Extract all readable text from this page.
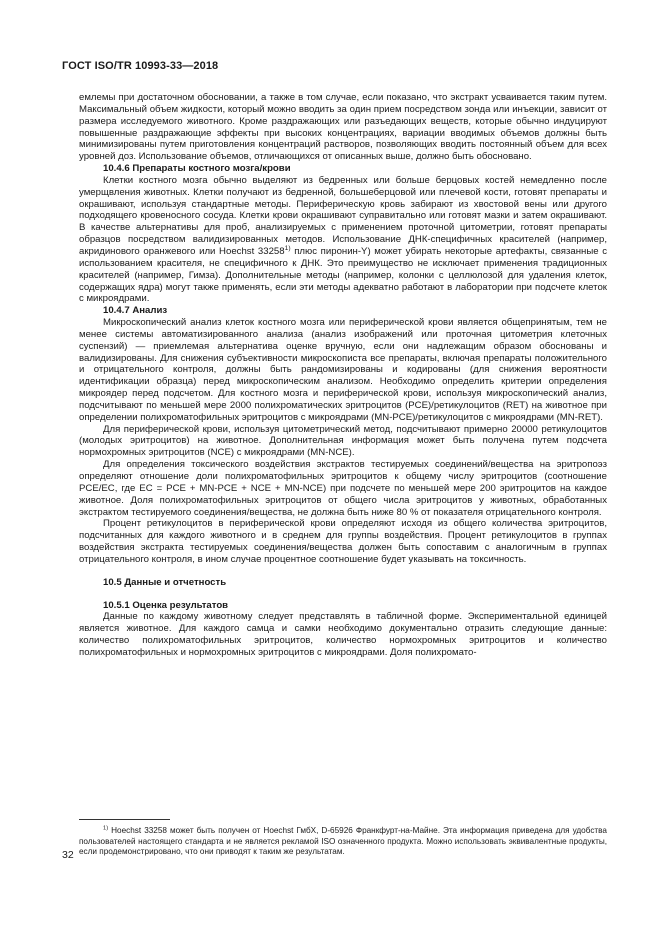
ГОСТ ISO/TR 10993-33—2018

емлемы при достаточном обосновании, а также в том случае, если показано, что экстракт усваивается таким путем. Максимальный объем жидкости, который можно вводить за один прием посредством зонда или инъекции, зависит от размера исследуемого животного. Кроме раздражающих или разъедающих веществ, которые обычно индуцируют повышенные раздражающие эффекты при высоких концентрациях, вариации вводимых объемов должны быть минимизированы путем приготовления концентраций растворов, позволяющих вводить постоянный объем для всех уровней доз. Использование объемов, отличающихся от описанных выше, должно быть обосновано.

10.4.6 Препараты костного мозга/крови

Клетки костного мозга обычно выделяют из бедренных или больше берцовых костей немедленно после умерщвления животных. Клетки получают из бедренной, большеберцовой или плечевой кости, готовят препараты и окрашивают, используя стандартные методы. Периферическую кровь забирают из хвостовой вены или другого подходящего кровеносного сосуда. Клетки крови окрашивают суправитально или готовят мазки и затем окрашивают. В качестве альтернативы для проб, анализируемых с применением проточной цитометрии, готовят препараты образцов посредством валидизированных методов. Использование ДНК-специфичных красителей (например, акридинового оранжевого или Hoechst 33258$^{1)}$ плюс пиронин-Y) может убирать некоторые артефакты, связанные с использованием красителя, не специфичного к ДНК. Это преимущество не исключает применения традиционных красителей (например, Гимза). Дополнительные методы (например, колонки с целлюлозой для удаления клеток, содержащих ядра) могут также применять, если эти методы адекватно работают в лаборатории при подсчете клеток с микроядрами.

10.4.7 Анализ

Микроскопический анализ клеток костного мозга или периферической крови является общепринятым, тем не менее системы автоматизированного анализа (анализ изображений или проточная цитометрия клеточных суспензий) — приемлемая альтернатива оценке вручную, если они надлежащим образом обоснованы и валидизированы. Для снижения субъективности микроскописта все препараты, включая препараты положительного и отрицательного контроля, должны быть рандомизированы и кодированы (для снижения вероятности идентификации образца) перед микроскопическим анализом. Необходимо определить критерии определения микроядер перед подсчетом. Для костного мозга и периферической крови, используя микроскопический анализ, подсчитывают по меньшей мере 2000 полихроматических эритроцитов (PCE)/ретикулоцитов (RET) на животное при определении полихроматофильных эритроцитов с микроядрами (MN-PCE)/ретикулоцитов с микроядрами (MN-RET).

Для периферической крови, используя цитометрический метод, подсчитывают примерно 20000 ретикулоцитов (молодых эритроцитов) на животное. Дополнительная информация может быть получена путем подсчета нормохромных эритроцитов (NCE) с микроядрами (MN-NCE).

Для определения токсического воздействия экстрактов тестируемых соединений/вещества на эритропоэз определяют отношение доли полихроматофильных эритроцитов к общему числу эритроцитов (соотношение PCE/EC, где EC = PCE + MN-PCE + NCE + MN-NCE) при подсчете по меньшей мере 200 эритроцитов на каждое животное. Доля полихроматофильных эритроцитов от общего числа эритроцитов у животных, обработанных экстрактом тестируемого соединения/вещества, не должна быть ниже 80 % от показателя отрицательного контроля.

Процент ретикулоцитов в периферической крови определяют исходя из общего количества эритроцитов, подсчитанных для каждого животного и в среднем для группы воздействия. Процент ретикулоцитов в группах воздействия экстракта тестируемых соединения/вещества должен быть сопоставим с аналогичным в группах отрицательного контроля, в ином случае процентное соотношение будет указывать на токсичность.

10.5 Данные и отчетность

10.5.1 Оценка результатов

Данные по каждому животному следует представлять в табличной форме. Экспериментальной единицей является животное. Для каждого самца и самки необходимо документально отразить следующие данные: количество полихроматофильных эритроцитов, количество нормохромных эритроцитов и количество полихроматофильных и нормохромных эритроцитов с микроядрами. Доля полихромато-

$^{1)}$ Hoechst 33258 может быть получен от Hoechst ГмбХ, D-65926 Франкфурт-на-Майне. Эта информация приведена для удобства пользователей настоящего стандарта и не является рекламой ISO означенного продукта. Можно использовать эквивалентные продукты, если продемонстрировано, что они приводят к таким же результатам.

32
